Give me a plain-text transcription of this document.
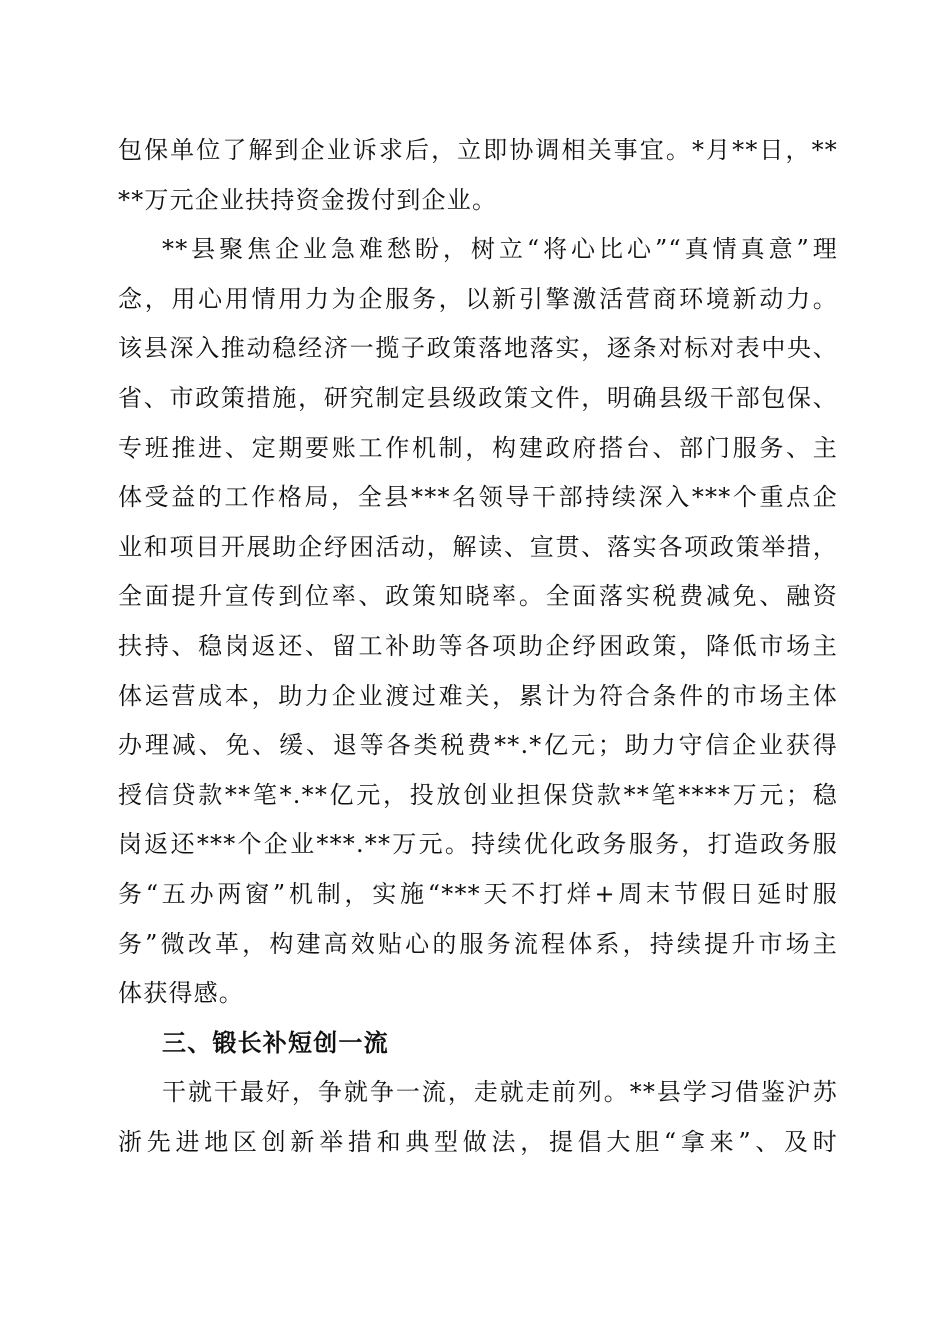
包保单位了解到企业诉求后，立即协调相关事宜。*月**日，**
**万元企业扶持资金拨付到企业。
**县聚焦企业急难愁盼，树立“将心比心”“真情真意”理
念，用心用情用力为企服务，以新引擎激活营商环境新动力。
该县深入推动稳经济一揽子政策落地落实，逐条对标对表中央、
省、市政策措施，研究制定县级政策文件，明确县级干部包保、
专班推进、定期要账工作机制，构建政府搭台、部门服务、主
体受益的工作格局，全县***名领导干部持续深入***个重点企
业和项目开展助企纾困活动，解读、宣贯、落实各项政策举措，
全面提升宣传到位率、政策知晓率。全面落实税费减免、融资
扶持、稳岗返还、留工补助等各项助企纾困政策，降低市场主
体运营成本，助力企业渡过难关，累计为符合条件的市场主体
办理减、免、缓、退等各类税费**.*亿元；助力守信企业获得
授信贷款**笔*.**亿元，投放创业担保贷款**笔****万元；稳
岗返还***个企业***.**万元。持续优化政务服务，打造政务服
务“五办两窗”机制，实施“***天不打烊+周末节假日延时服
务”微改革，构建高效贴心的服务流程体系，持续提升市场主
体获得感。
三、锻长补短创一流
干就干最好，争就争一流，走就走前列。**县学习借鉴沪苏
浙先进地区创新举措和典型做法，提倡大胆“拿来”、及时
